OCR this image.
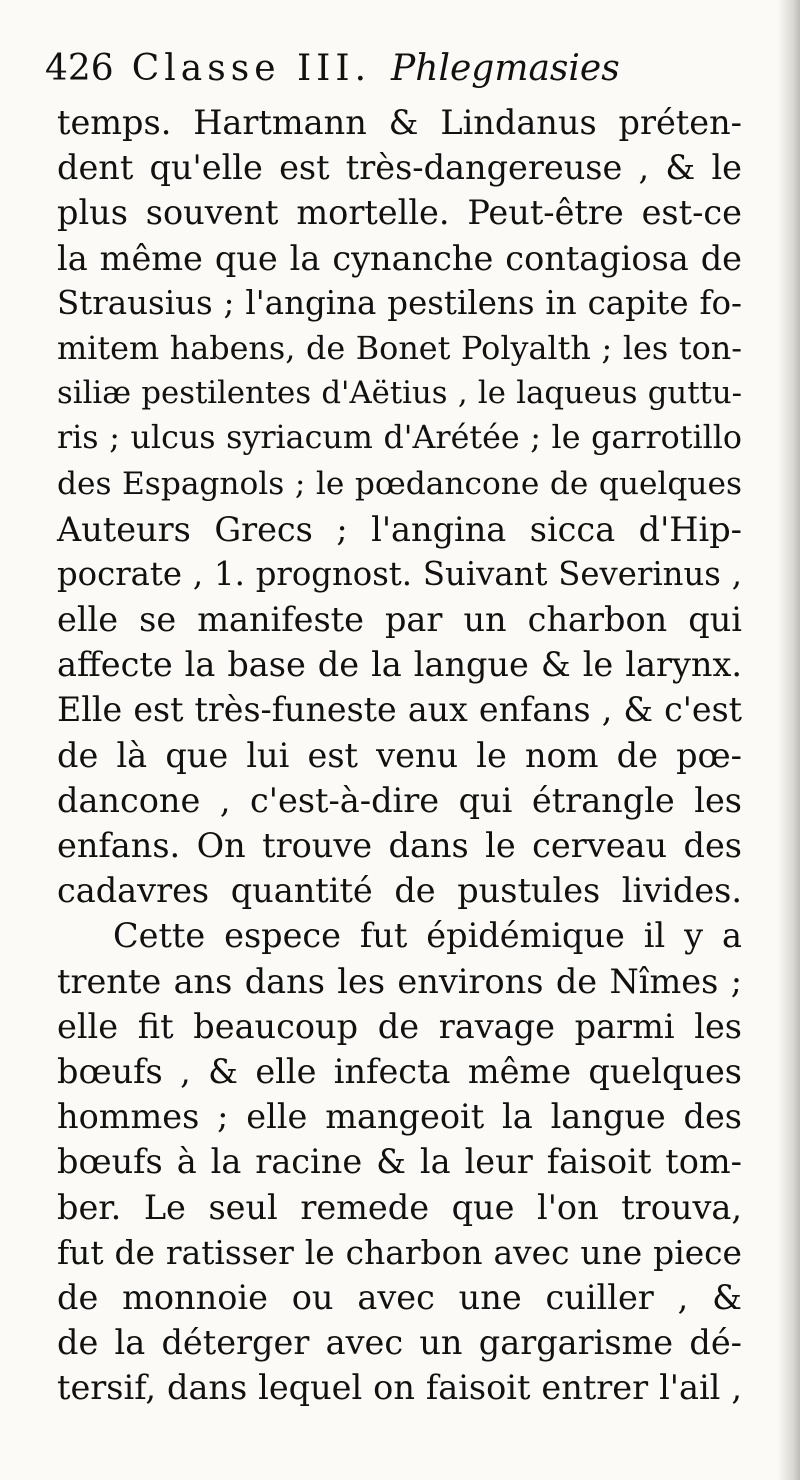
426 Classe III. Phlegmasies
temps. Hartmann & Lindanus préten-
dent qu'elle est très-dangereuse , & le
plus souvent mortelle. Peut-être est-ce
la même que la cynanche contagiosa de
Strausius ; l'angina pestilens in capite fo-
mitem habens, de Bonet Polyalth ; les ton-
siliæ pestilentes d'Aëtius , le laqueus guttu-
ris ; ulcus syriacum d'Arétée ; le garrotillo
des Espagnols ; le pœdancone de quelques
Auteurs Grecs ; l'angina sicca d'Hip-
pocrate , 1. prognost. Suivant Severinus ,
elle se manifeste par un charbon qui
affecte la base de la langue & le larynx.
Elle est très-funeste aux enfans , & c'est
de là que lui est venu le nom de pœ-
dancone , c'est-à-dire qui étrangle les
enfans. On trouve dans le cerveau des
cadavres quantité de pustules livides.
Cette espece fut épidémique il y a
trente ans dans les environs de Nîmes ;
elle fit beaucoup de ravage parmi les
bœufs , & elle infecta même quelques
hommes ; elle mangeoit la langue des
bœufs à la racine & la leur faisoit tom-
ber. Le seul remede que l'on trouva,
fut de ratisser le charbon avec une piece
de monnoie ou avec une cuiller , &
de la déterger avec un gargarisme dé-
tersif, dans lequel on faisoit entrer l'ail ,
